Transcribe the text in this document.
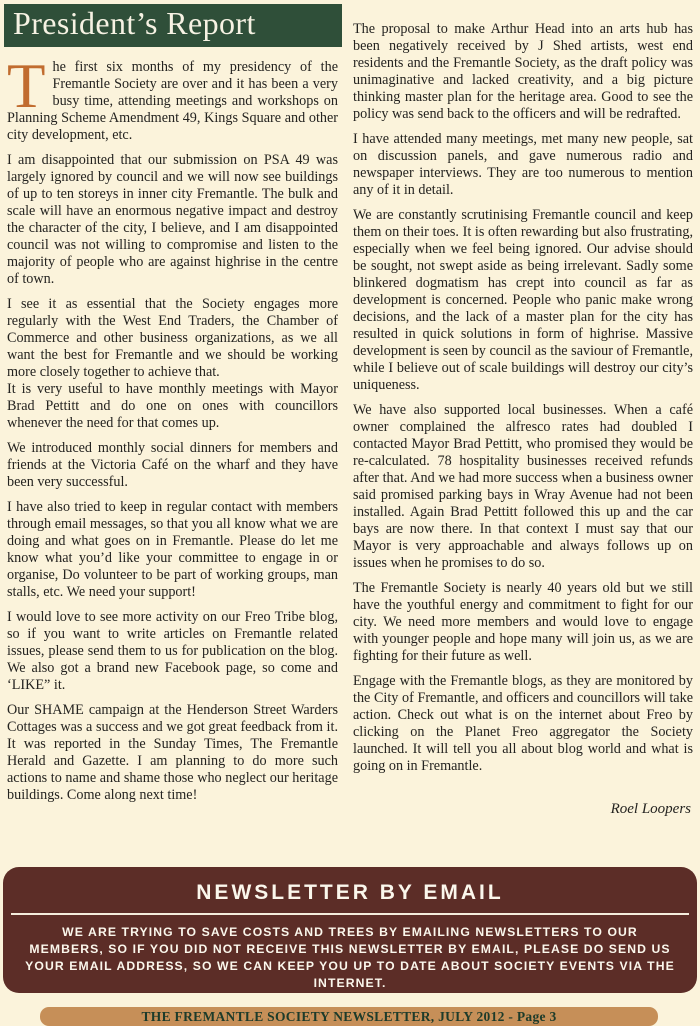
President’s Report

The first six months of my presidency of the Fremantle Society are over and it has been a very busy time, attending meetings and workshops on Planning Scheme Amendment 49, Kings Square and other city development, etc.

I am disappointed that our submission on PSA 49 was largely ignored by council and we will now see buildings of up to ten storeys in inner city Fremantle. The bulk and scale will have an enormous negative impact and destroy the character of the city, I believe, and I am disappointed council was not willing to compromise and listen to the majority of people who are against highrise in the centre of town.

I see it as essential that the Society engages more regularly with the West End Traders, the Chamber of Commerce and other business organizations, as we all want the best for Fremantle and we should be working more closely together to achieve that.

It is very useful to have monthly meetings with Mayor Brad Pettitt and do one on ones with councillors whenever the need for that comes up.

We introduced monthly social dinners for members and friends at the Victoria Café on the wharf and they have been very successful.

I have also tried to keep in regular contact with members through email messages, so that you all know what we are doing and what goes on in Fremantle. Please do let me know what you’d like your committee to engage in or organise, Do volunteer to be part of working groups, man stalls, etc. We need your support!

I would love to see more activity on our Freo Tribe blog, so if you want to write articles on Fremantle related issues, please send them to us for publication on the blog. We also got a brand new Facebook page, so come and ‘LIKE” it.

Our SHAME campaign at the Henderson Street Warders Cottages was a success and we got great feedback from it. It was reported in the Sunday Times, The Fremantle Herald and Gazette. I am planning to do more such actions to name and shame those who neglect our heritage buildings. Come along next time!

The proposal to make Arthur Head into an arts hub has been negatively received by J Shed artists, west end residents and the Fremantle Society, as the draft policy was unimaginative and lacked creativity, and a big picture thinking master plan for the heritage area. Good to see the policy was send back to the officers and will be redrafted.

I have attended many meetings, met many new people, sat on discussion panels, and gave numerous radio and newspaper interviews. They are too numerous to mention any of it in detail.

We are constantly scrutinising Fremantle council and keep them on their toes. It is often rewarding but also frustrating, especially when we feel being ignored. Our advise should be sought, not swept aside as being irrelevant. Sadly some blinkered dogmatism has crept into council as far as development is concerned. People who panic make wrong decisions, and the lack of a master plan for the city has resulted in quick solutions in form of highrise. Massive development is seen by council as the saviour of Fremantle, while I believe out of scale buildings will destroy our city’s uniqueness.

We have also supported local businesses. When a café owner complained the alfresco rates had doubled I contacted Mayor Brad Pettitt, who promised they would be re-calculated. 78 hospitality businesses received refunds after that. And we had more success when a business owner said promised parking bays in Wray Avenue had not been installed. Again Brad Pettitt followed this up and the car bays are now there. In that context I must say that our Mayor is very approachable and always follows up on issues when he promises to do so.

The Fremantle Society is nearly 40 years old but we still have the youthful energy and commitment to fight for our city. We need more members and would love to engage with younger people and hope many will join us, as we are fighting for their future as well.

Engage with the Fremantle blogs, as they are monitored by the City of Fremantle, and officers and councillors will take action. Check out what is on the internet about Freo by clicking on the Planet Freo aggregator the Society launched. It will tell you all about blog world and what is going on in Fremantle.

Roel Loopers
NEWSLETTER BY EMAIL
WE ARE TRYING TO SAVE COSTS AND TREES BY EMAILING NEWSLETTERS TO OUR MEMBERS, SO IF YOU DID NOT RECEIVE THIS NEWSLETTER BY EMAIL, PLEASE DO SEND US YOUR EMAIL ADDRESS, SO WE CAN KEEP YOU UP TO DATE ABOUT SOCIETY EVENTS VIA THE INTERNET.
THE FREMANTLE SOCIETY NEWSLETTER, JULY 2012 - Page 3
